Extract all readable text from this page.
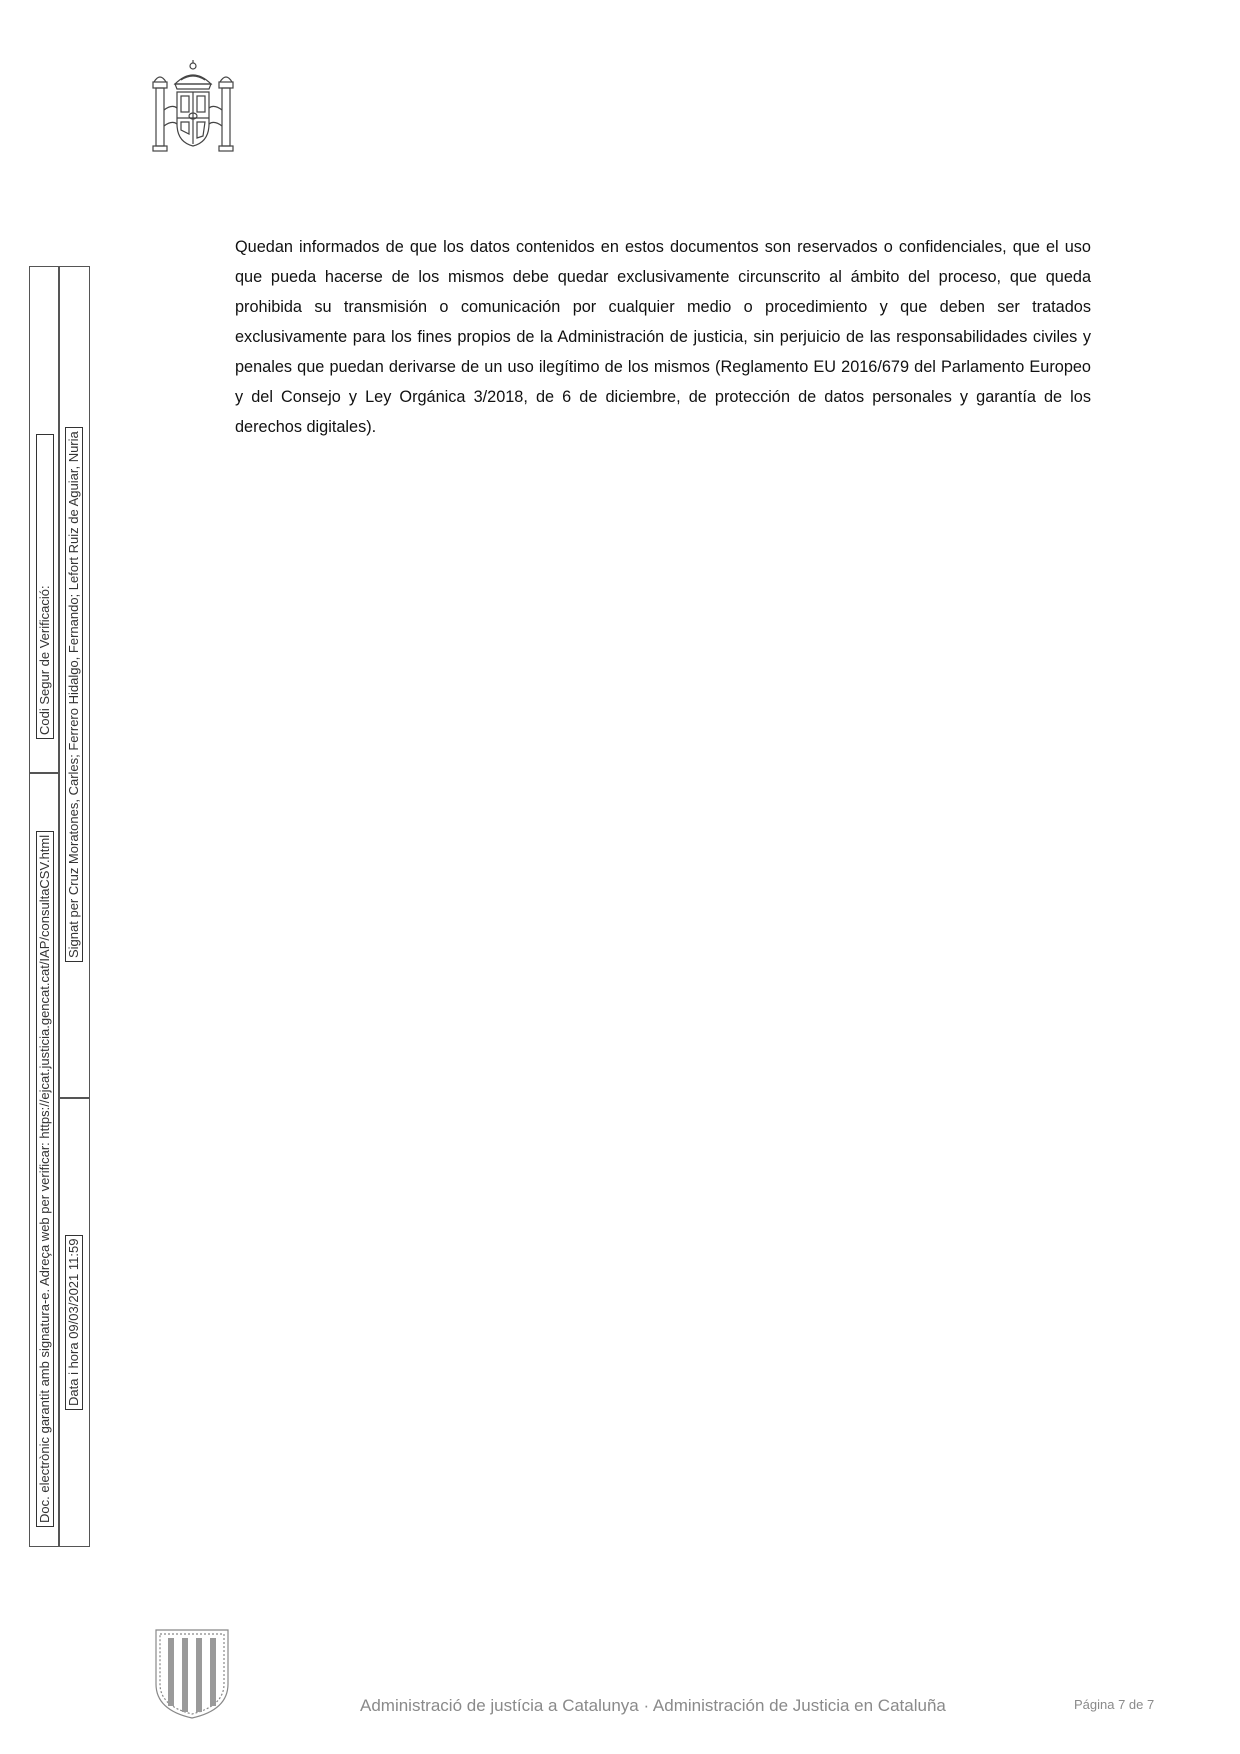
Quedan informados de que los datos contenidos en estos documentos son reservados o confidenciales, que el uso que pueda hacerse de los mismos debe quedar exclusivamente circunscrito al ámbito del proceso, que queda prohibida su transmisión o comunicación por cualquier medio o procedimiento y que deben ser tratados exclusivamente para los fines propios de la Administración de justicia, sin perjuicio de las responsabilidades civiles y penales que puedan derivarse de un uso ilegítimo de los mismos (Reglamento EU 2016/679 del Parlamento Europeo y del Consejo y Ley Orgánica 3/2018, de 6 de diciembre, de protección de datos personales y garantía de los derechos digitales).
Doc. electrònic garantit amb signatura-e. Adreça web per verificar: https://ejcat.justicia.gencat.cat/IAP/consultaCSV.html
Codi Segur de Verificació:
Data i hora 09/03/2021 11:59
Signat per Cruz Moratones, Carles; Ferrero Hidalgo, Fernando; Lefort Ruiz de Aguiar, Nuria
Administració de justícia a Catalunya · Administración de Justicia en Cataluña	Página 7 de 7
